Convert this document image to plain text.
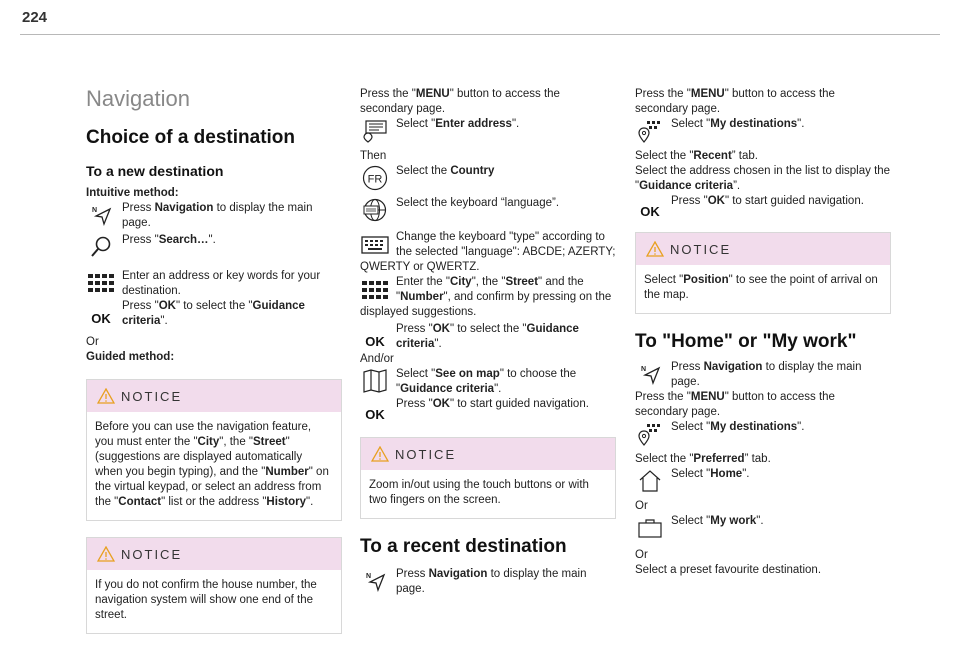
224
Navigation
Choice of a destination
To a new destination
Intuitive method:
N Press Navigation to display the main page.
Press "Search…".
Enter an address or key words for your destination.
OK
Press "OK" to select the "Guidance criteria".
Or
Guided method:
NOTICE
Before you can use the navigation feature, you must enter the "City", the "Street" (suggestions are displayed automatically when you begin typing), and the "Number" on the virtual keypad, or select an address from the "Contact" list or the address "History".
NOTICE
If you do not confirm the house number, the navigation system will show one end of the street.
Press the "MENU" button to access the secondary page.
Select "Enter address".
Then
FR
Select the Country
Select the keyboard “language”.
Change the keyboard "type" according to the selected "language": ABCDE; AZERTY; QWERTY or QWERTZ.
Enter the "City", the "Street" and the "Number", and confirm by pressing on the displayed suggestions.
OK
Press "OK" to select the "Guidance criteria".
And/or
Select "See on map" to choose the "Guidance criteria".
OK
Press "OK" to start guided navigation.
NOTICE
Zoom in/out using the touch buttons or with two fingers on the screen.
To a recent destination
N Press Navigation to display the main page.
Press the "MENU" button to access the secondary page.
Select "My destinations".
Select the "Recent” tab.
Select the address chosen in the list to display the "Guidance criteria”.
OK
Press "OK" to start guided navigation.
NOTICE
Select "Position" to see the point of arrival on the map.
To "Home" or "My work"
N Press Navigation to display the main page.
Press the "MENU" button to access the secondary page.
Select "My destinations".
Select the "Preferred” tab.
Select "Home".
Or
Select "My work".
Or
Select a preset favourite destination.
